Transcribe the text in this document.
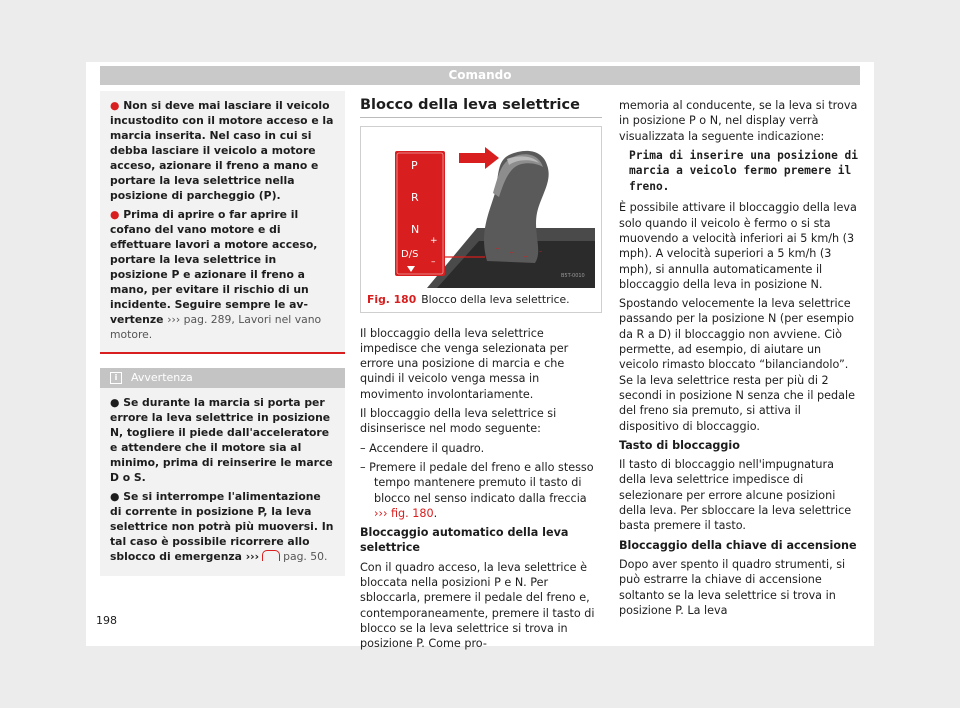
Comando

● Non si deve mai lasciare il veicolo incustodito con il motore acceso e la marcia inserita. Nel caso in cui si debba lasciare il veicolo a motore acceso, azionare il freno a mano e portare la leva selettrice nella posizione di parcheggio (P).

● Prima di aprire o far aprire il cofano del vano motore e di effettuare lavori a motore acceso, portare la leva selettrice in posizione P e azionare il freno a mano, per evitare il rischio di un incidente. Seguire sempre le avvertenze ››› pag. 289, Lavori nel vano motore.

i	Avvertenza

● Se durante la marcia si porta per errore la leva selettrice in posizione N, togliere il piede dall'acceleratore e attendere che il motore sia al minimo, prima di reinserire le marce D o S.

● Se si interrompe l'alimentazione di corrente in posizione P, la leva selettrice non potrà più muoversi. In tal caso è possibile ricorrere allo sblocco di emergenza ››› pag. 50.

Blocco della leva selettrice
P
R
N
D/S
+
–
+
+
+
–
B5T-0010
Fig. 180 Blocco della leva selettrice.

Il bloccaggio della leva selettrice impedisce che venga selezionata per errore una posizione di marcia e che quindi il veicolo venga messa in movimento involontariamente.

Il bloccaggio della leva selettrice si disinserisce nel modo seguente:

– Accendere il quadro.

– Premere il pedale del freno e allo stesso tempo mantenere premuto il tasto di blocco nel senso indicato dalla freccia ››› fig. 180.

Bloccaggio automatico della leva selettrice

Con il quadro acceso, la leva selettrice è bloccata nella posizioni P e N. Per sbloccarla, premere il pedale del freno e, contemporaneamente, premere il tasto di blocco se la leva selettrice si trova in posizione P. Come pro-

memoria al conducente, se la leva si trova in posizione P o N, nel display verrà visualizzata la seguente indicazione:

Prima di inserire una posizione di marcia a veicolo fermo premere il freno.

È possibile attivare il bloccaggio della leva solo quando il veicolo è fermo o si sta muovendo a velocità inferiori ai 5 km/h (3 mph). A velocità superiori a 5 km/h (3 mph), si annulla automaticamente il bloccaggio della leva in posizione N.

Spostando velocemente la leva selettrice passando per la posizione N (per esempio da R a D) il bloccaggio non avviene. Ciò permette, ad esempio, di aiutare un veicolo rimasto bloccato “bilanciandolo”. Se la leva selettrice resta per più di 2 secondi in posizione N senza che il pedale del freno sia premuto, si attiva il dispositivo di bloccaggio.

Tasto di bloccaggio

Il tasto di bloccaggio nell'impugnatura della leva selettrice impedisce di selezionare per errore alcune posizioni della leva. Per sbloccare la leva selettrice basta premere il tasto.

Bloccaggio della chiave di accensione

Dopo aver spento il quadro strumenti, si può estrarre la chiave di accensione soltanto se la leva selettrice si trova in posizione P. La leva

198
